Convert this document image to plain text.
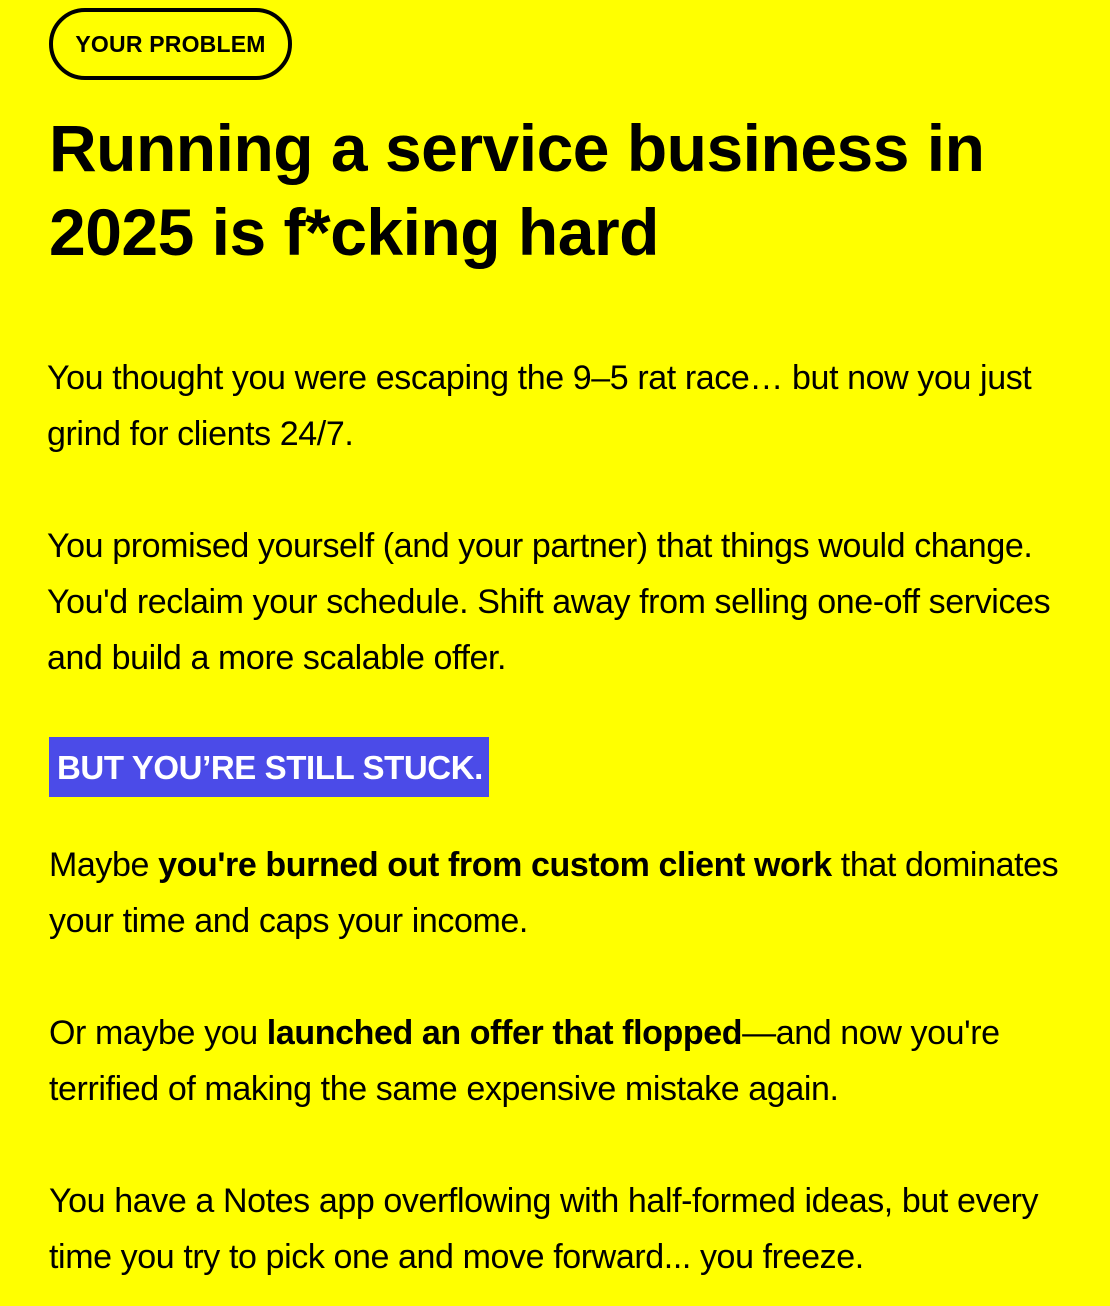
YOUR PROBLEM
Running a service business in 2025 is f*cking hard

You thought you were escaping the 9–5 rat race… but now you just grind for clients 24/7.

You promised yourself (and your partner) that things would change. You'd reclaim your schedule. Shift away from selling one-off services and build a more scalable offer.

BUT YOU’RE STILL STUCK.

Maybe you're burned out from custom client work that dominates your time and caps your income.

Or maybe you launched an offer that flopped—and now you're terrified of making the same expensive mistake again.

You have a Notes app overflowing with half-formed ideas, but every time you try to pick one and move forward... you freeze.
